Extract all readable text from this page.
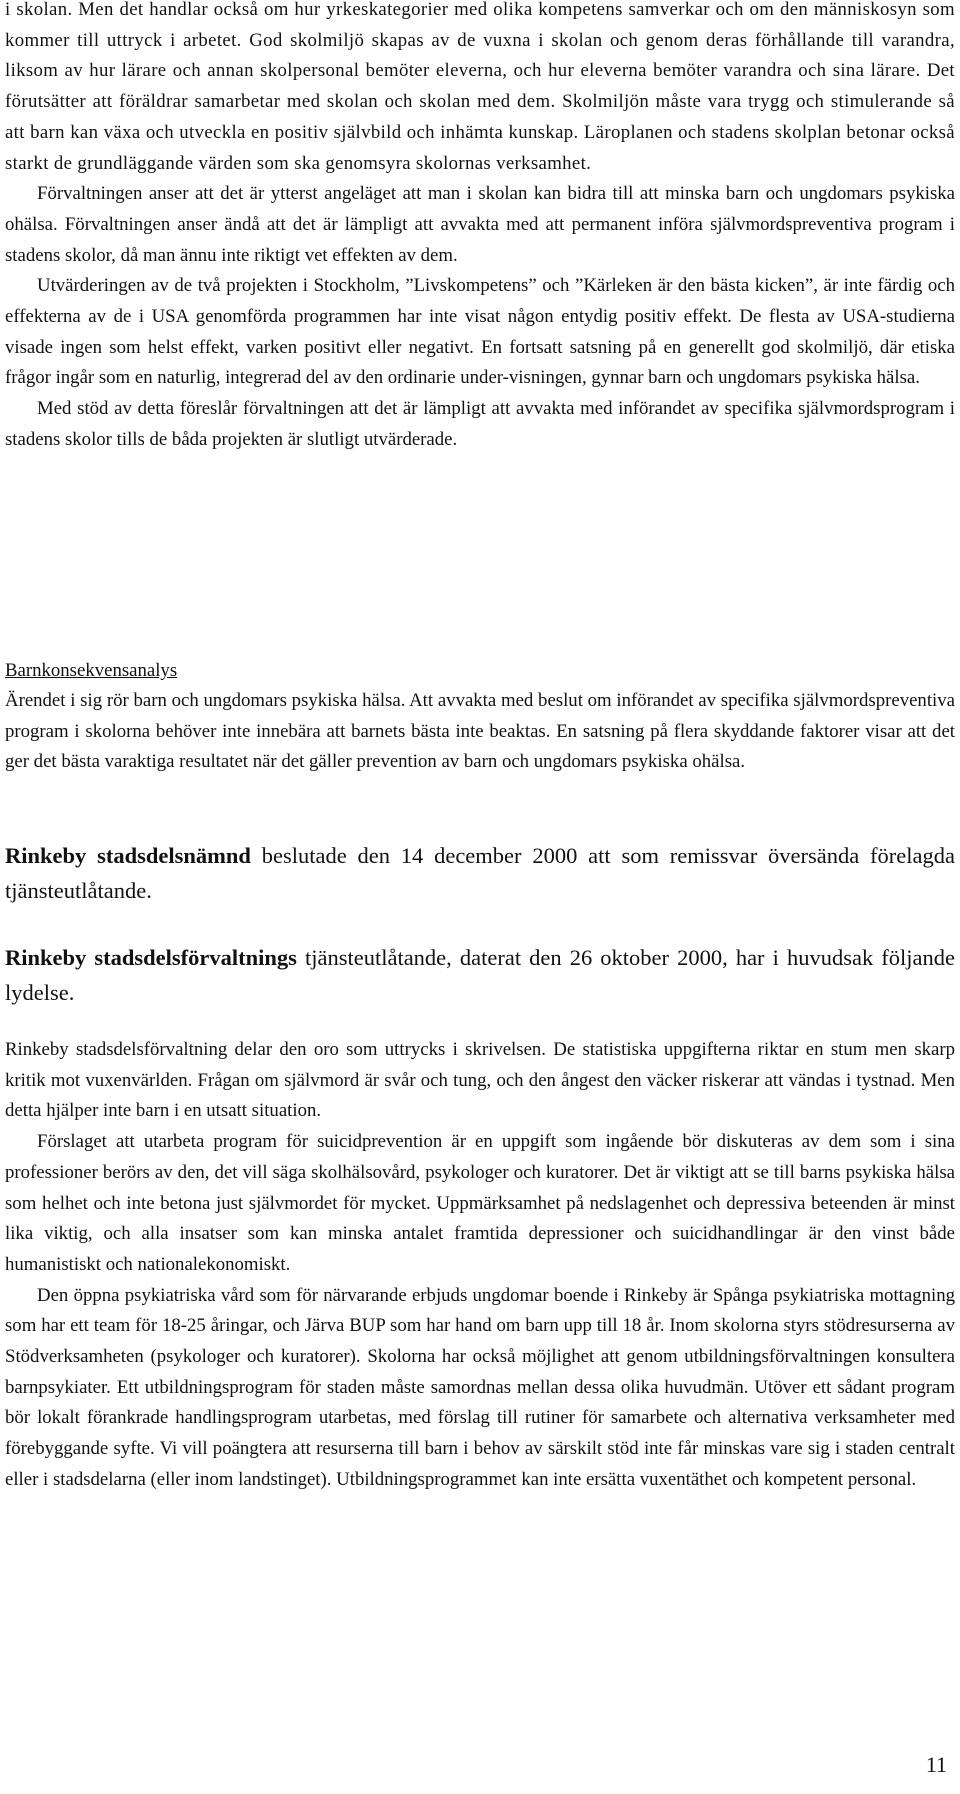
i skolan. Men det handlar också om hur yrkeskategorier med olika kompetens samverkar och om den människosyn som kommer till uttryck i arbetet. God skolmiljö skapas av de vuxna i skolan och genom deras förhållande till varandra, liksom av hur lärare och annan skolpersonal bemöter eleverna, och hur eleverna bemöter varandra och sina lärare. Det förutsätter att föräldrar samarbetar med skolan och skolan med dem. Skolmiljön måste vara trygg och stimulerande så att barn kan växa och utveckla en positiv självbild och inhämta kunskap. Läroplanen och stadens skolplan betonar också starkt de grundläggande värden som ska genomsyra skolornas verksamhet.

Förvaltningen anser att det är ytterst angeläget att man i skolan kan bidra till att minska barn och ungdomars psykiska ohälsa. Förvaltningen anser ändå att det är lämpligt att avvakta med att permanent införa självmordspreventiva program i stadens skolor, då man ännu inte riktigt vet effekten av dem.

Utvärderingen av de två projekten i Stockholm, ”Livskompetens” och ”Kärleken är den bästa kicken”, är inte färdig och effekterna av de i USA genomförda programmen har inte visat någon entydig positiv effekt. De flesta av USA-studierna visade ingen som helst effekt, varken positivt eller negativt. En fortsatt satsning på en generellt god skolmiljö, där etiska frågor ingår som en naturlig, integrerad del av den ordinarie under-visningen, gynnar barn och ungdomars psykiska hälsa.

Med stöd av detta föreslår förvaltningen att det är lämpligt att avvakta med införandet av specifika självmordsprogram i stadens skolor tills de båda projekten är slutligt utvärderade.

Barnkonsekvensanalys

Ärendet i sig rör barn och ungdomars psykiska hälsa. Att avvakta med beslut om införandet av specifika självmordspreventiva program i skolorna behöver inte innebära att barnets bästa inte beaktas. En satsning på flera skyddande faktorer visar att det ger det bästa varaktiga resultatet när det gäller prevention av barn och ungdomars psykiska ohälsa.

Rinkeby stadsdelsnämnd beslutade den 14 december 2000 att som remissvar översända förelagda tjänsteutlåtande.

Rinkeby stadsdelsförvaltnings tjänsteutlåtande, daterat den 26 oktober 2000, har i huvudsak följande lydelse.

Rinkeby stadsdelsförvaltning delar den oro som uttrycks i skrivelsen. De statistiska uppgifterna riktar en stum men skarp kritik mot vuxenvärlden. Frågan om självmord är svår och tung, och den ångest den väcker riskerar att vändas i tystnad. Men detta hjälper inte barn i en utsatt situation.

Förslaget att utarbeta program för suicidprevention är en uppgift som ingående bör diskuteras av dem som i sina professioner berörs av den, det vill säga skolhälsovård, psykologer och kuratorer. Det är viktigt att se till barns psykiska hälsa som helhet och inte betona just självmordet för mycket. Uppmärksamhet på nedslagenhet och depressiva beteenden är minst lika viktig, och alla insatser som kan minska antalet framtida depressioner och suicidhandlingar är den vinst både humanistiskt och nationalekonomiskt.

Den öppna psykiatriska vård som för närvarande erbjuds ungdomar boende i Rinkeby är Spånga psykiatriska mottagning som har ett team för 18-25 åringar, och Järva BUP som har hand om barn upp till 18 år. Inom skolorna styrs stödresurserna av Stödverksamheten (psykologer och kuratorer). Skolorna har också möjlighet att genom utbildningsförvaltningen konsultera barnpsykiater. Ett utbildningsprogram för staden måste samordnas mellan dessa olika huvudmän. Utöver ett sådant program bör lokalt förankrade handlingsprogram utarbetas, med förslag till rutiner för samarbete och alternativa verksamheter med förebyggande syfte. Vi vill poängtera att resurserna till barn i behov av särskilt stöd inte får minskas vare sig i staden centralt eller i stadsdelarna (eller inom landstinget). Utbildningsprogrammet kan inte ersätta vuxentäthet och kompetent personal.

11
